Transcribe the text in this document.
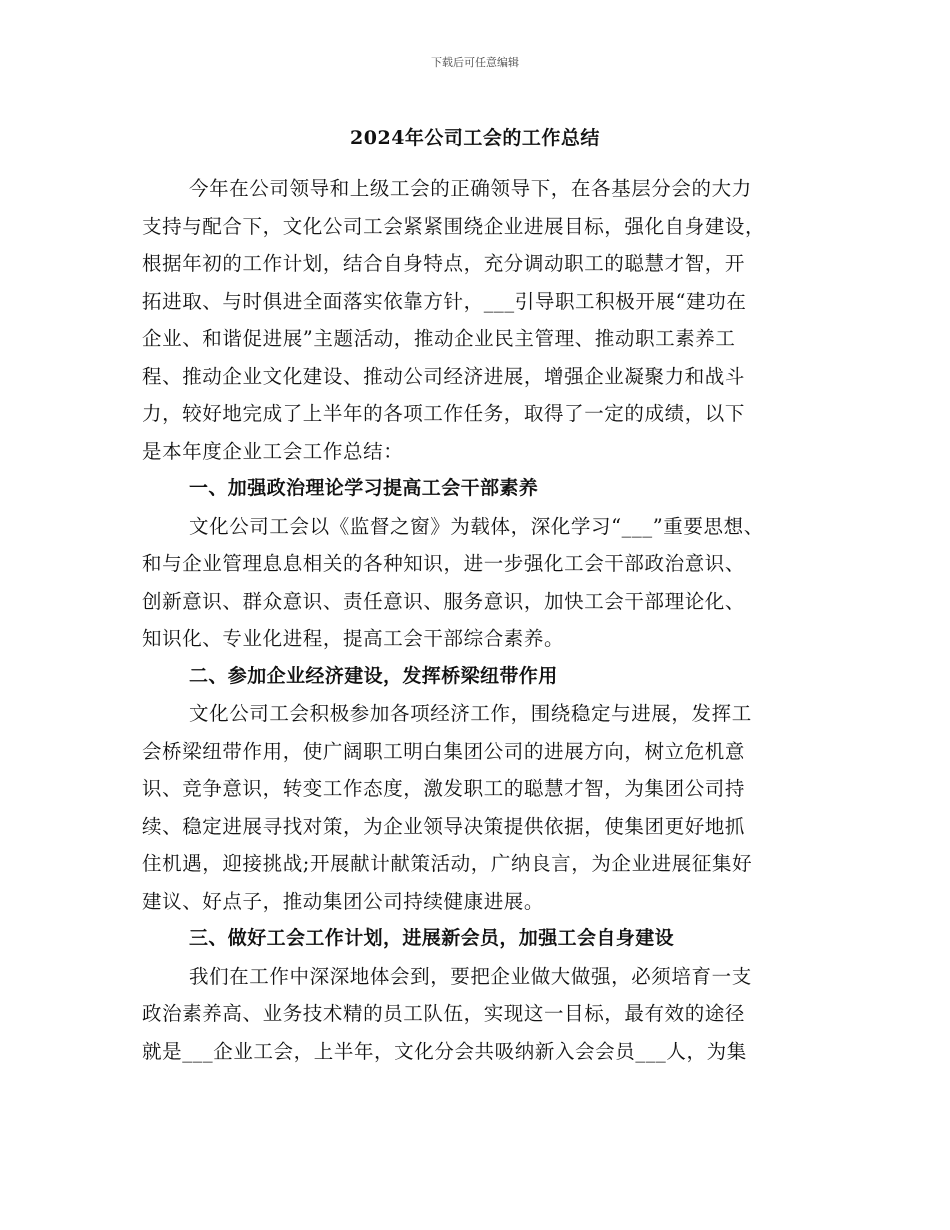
下载后可任意编辑
2024年公司工会的工作总结
今年在公司领导和上级工会的正确领导下，在各基层分会的大力
支持与配合下，文化公司工会紧紧围绕企业进展目标，强化自身建设，
根据年初的工作计划，结合自身特点，充分调动职工的聪慧才智，开
拓进取、与时俱进全面落实依靠方针，___引导职工积极开展“建功在
企业、和谐促进展”主题活动，推动企业民主管理、推动职工素养工
程、推动企业文化建设、推动公司经济进展，增强企业凝聚力和战斗
力，较好地完成了上半年的各项工作任务，取得了一定的成绩，以下
是本年度企业工会工作总结：
一、加强政治理论学习提高工会干部素养
文化公司工会以《监督之窗》为载体，深化学习“___”重要思想、
和与企业管理息息相关的各种知识，进一步强化工会干部政治意识、
创新意识、群众意识、责任意识、服务意识，加快工会干部理论化、
知识化、专业化进程，提高工会干部综合素养。
二、参加企业经济建设，发挥桥梁纽带作用
文化公司工会积极参加各项经济工作，围绕稳定与进展，发挥工
会桥梁纽带作用，使广阔职工明白集团公司的进展方向，树立危机意
识、竞争意识，转变工作态度，激发职工的聪慧才智，为集团公司持
续、稳定进展寻找对策，为企业领导决策提供依据，使集团更好地抓
住机遇，迎接挑战;开展献计献策活动，广纳良言，为企业进展征集好
建议、好点子，推动集团公司持续健康进展。
三、做好工会工作计划，进展新会员，加强工会自身建设
我们在工作中深深地体会到，要把企业做大做强，必须培育一支
政治素养高、业务技术精的员工队伍，实现这一目标，最有效的途径
就是___企业工会，上半年，文化分会共吸纳新入会会员___人，为集
